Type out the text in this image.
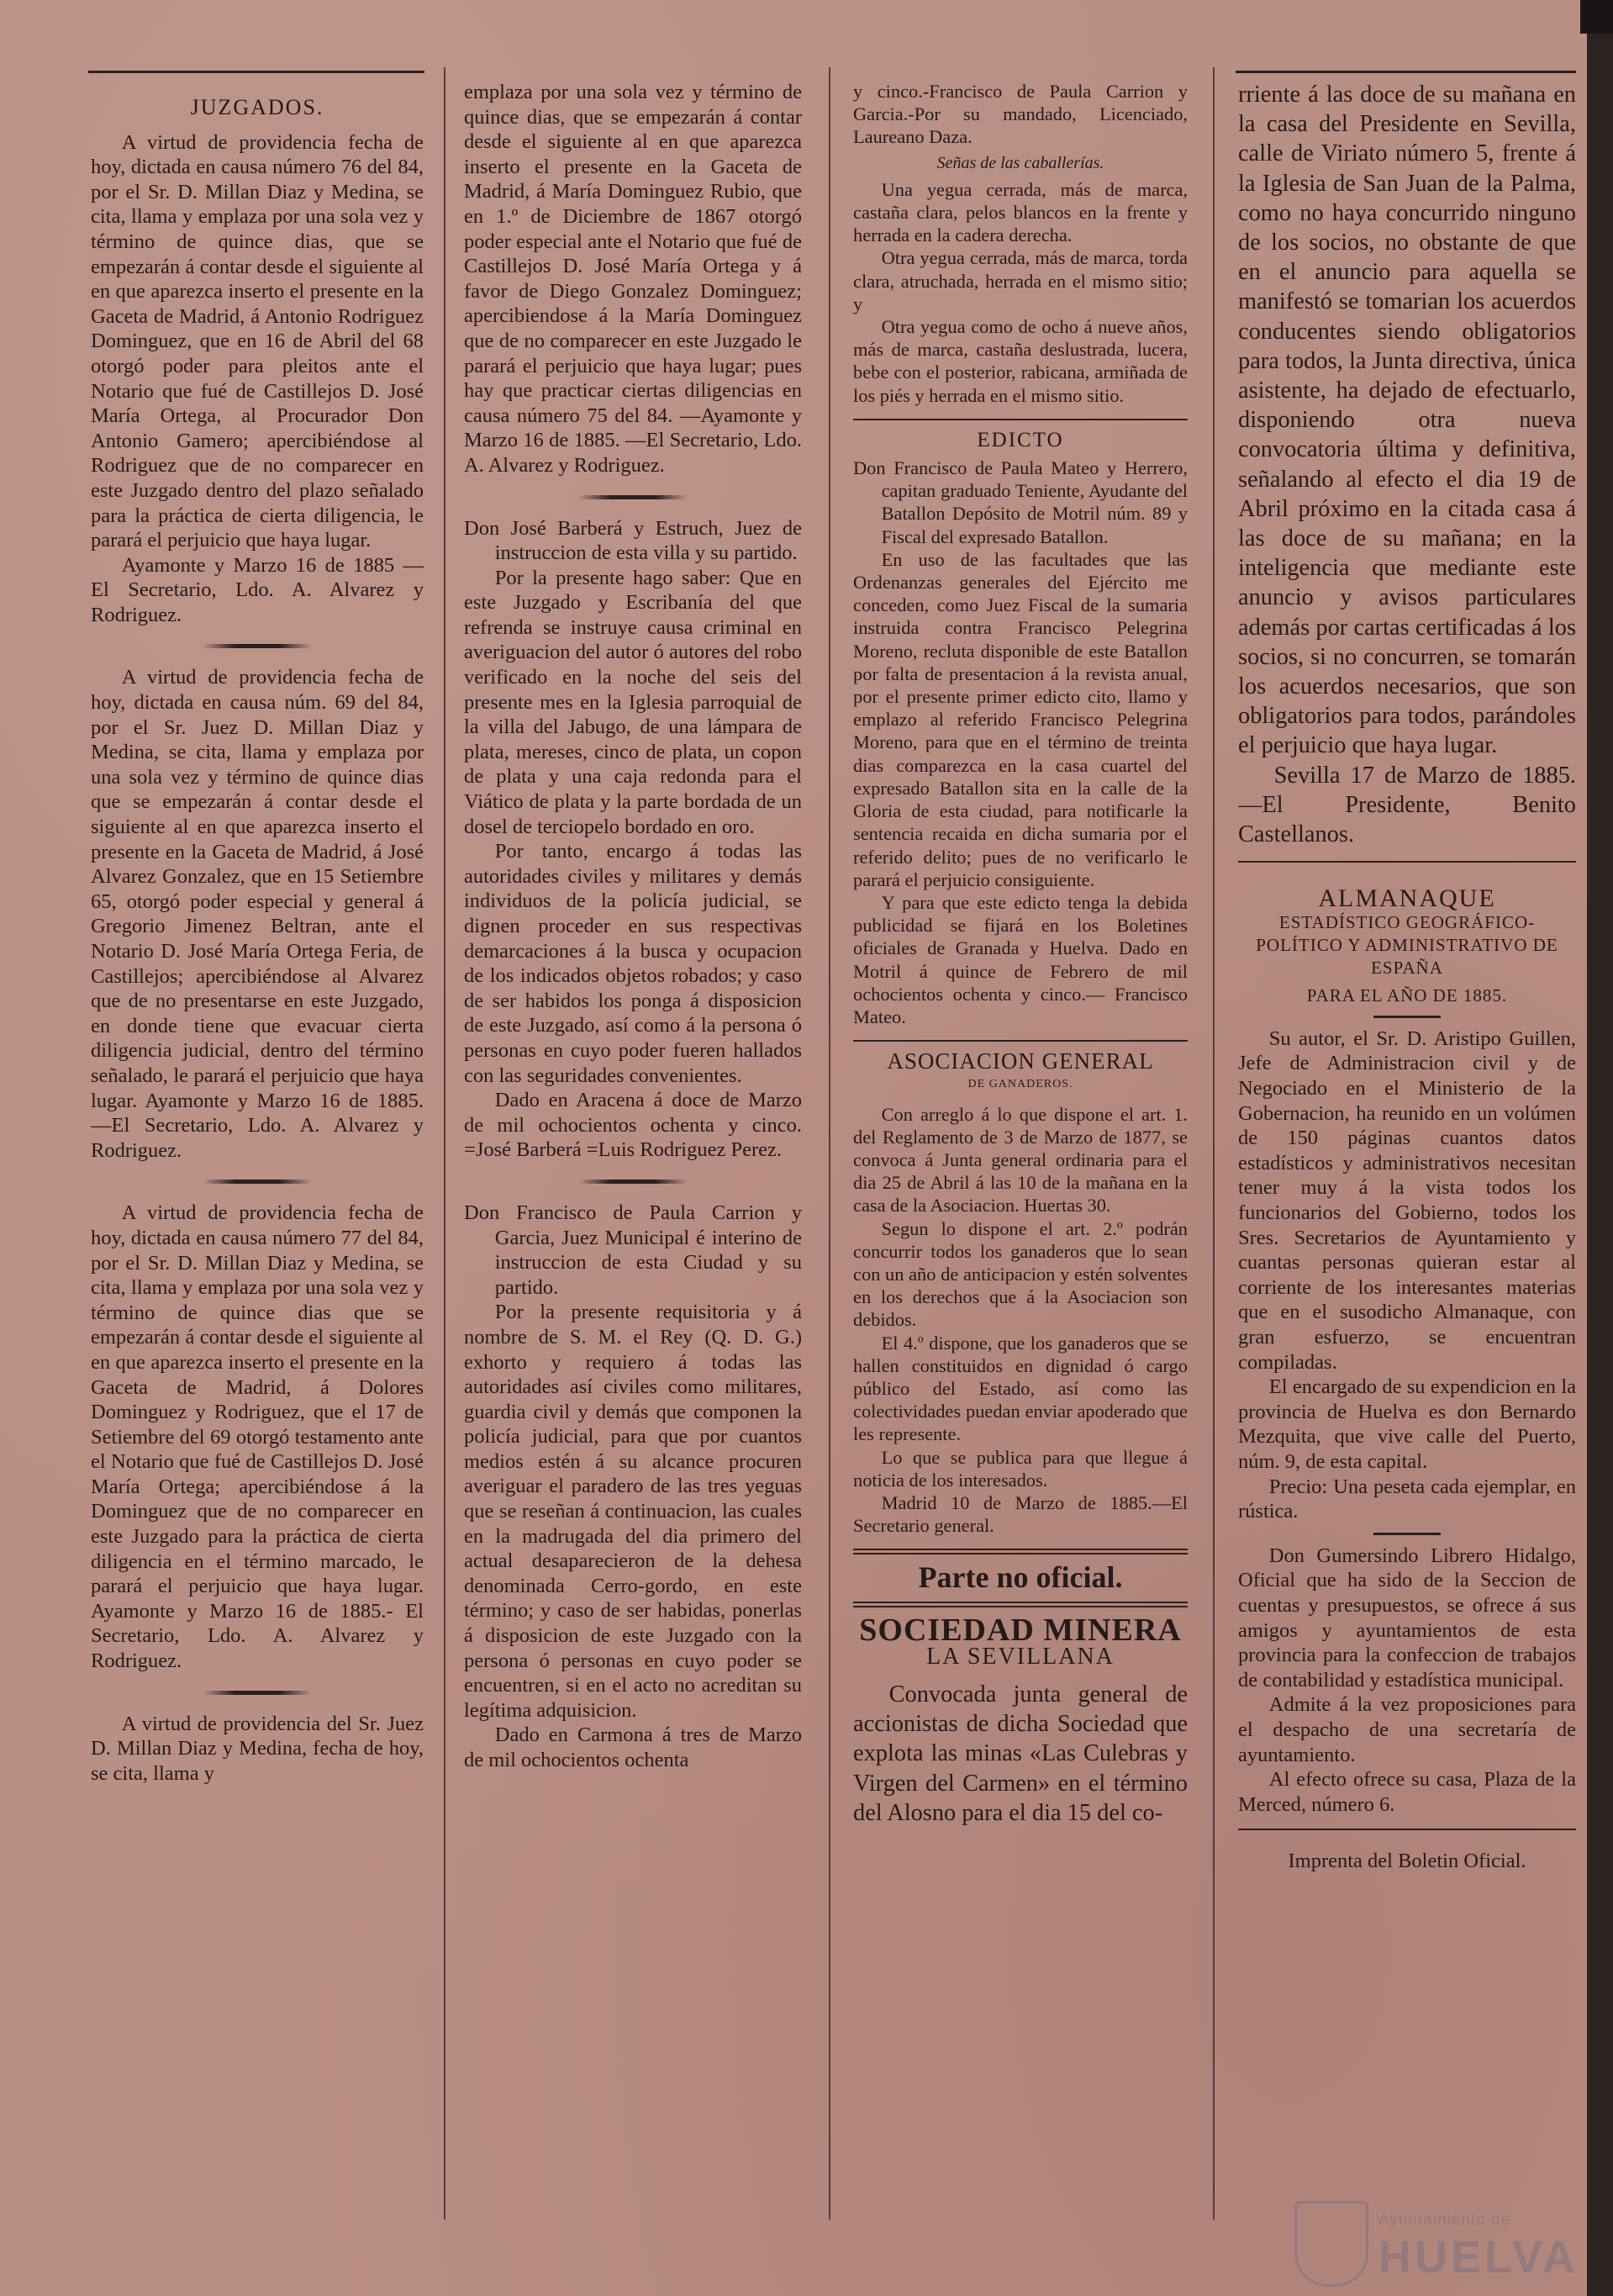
JUZGADOS.

A virtud de providencia fecha de hoy, dictada en causa número 76 del 84, por el Sr. D. Millan Diaz y Medina, se cita, llama y emplaza por una sola vez y término de quince dias, que se empezarán á contar desde el siguiente al en que aparezca inserto el presente en la Gaceta de Madrid, á Antonio Rodriguez Dominguez, que en 16 de Abril del 68 otorgó poder para pleitos ante el Notario que fué de Castillejos D. José María Ortega, al Procurador Don Antonio Gamero; apercibiéndose al Rodriguez que de no comparecer en este Juzgado dentro del plazo señalado para la práctica de cierta diligencia, le parará el perjuicio que haya lugar.

Ayamonte y Marzo 16 de 1885 — El Secretario, Ldo. A. Alvarez y Rodriguez.

A virtud de providencia fecha de hoy, dictada en causa núm. 69 del 84, por el Sr. Juez D. Millan Diaz y Medina, se cita, llama y emplaza por una sola vez y término de quince dias que se empezarán á contar desde el siguiente al en que aparezca inserto el presente en la Gaceta de Madrid, á José Alvarez Gonzalez, que en 15 Setiembre 65, otorgó poder especial y general á Gregorio Jimenez Beltran, ante el Notario D. José María Ortega Feria, de Castillejos; apercibiéndose al Alvarez que de no presentarse en este Juzgado, en donde tiene que evacuar cierta diligencia judicial, dentro del término señalado, le parará el perjuicio que haya lugar. Ayamonte y Marzo 16 de 1885. —El Secretario, Ldo. A. Alvarez y Rodriguez.

A virtud de providencia fecha de hoy, dictada en causa número 77 del 84, por el Sr. D. Millan Diaz y Medina, se cita, llama y emplaza por una sola vez y término de quince dias que se empezarán á contar desde el siguiente al en que aparezca inserto el presente en la Gaceta de Madrid, á Dolores Dominguez y Rodriguez, que el 17 de Setiembre del 69 otorgó testamento ante el Notario que fué de Castillejos D. José María Ortega; apercibiéndose á la Dominguez que de no comparecer en este Juzgado para la práctica de cierta diligencia en el término marcado, le parará el perjuicio que haya lugar. Ayamonte y Marzo 16 de 1885.- El Secretario, Ldo. A. Alvarez y Rodriguez.

A virtud de providencia del Sr. Juez D. Millan Diaz y Medina, fecha de hoy, se cita, llama y

emplaza por una sola vez y término de quince dias, que se empezarán á contar desde el siguiente al en que aparezca inserto el presente en la Gaceta de Madrid, á María Dominguez Rubio, que en 1.º de Diciembre de 1867 otorgó poder especial ante el Notario que fué de Castillejos D. José María Ortega y á favor de Diego Gonzalez Dominguez; apercibiendose á la María Dominguez que de no comparecer en este Juzgado le parará el perjuicio que haya lugar; pues hay que practicar ciertas diligencias en causa número 75 del 84. —Ayamonte y Marzo 16 de 1885. —El Secretario, Ldo. A. Alvarez y Rodriguez.

Don José Barberá y Estruch, Juez de instruccion de esta villa y su partido.

Por la presente hago saber: Que en este Juzgado y Escribanía del que refrenda se instruye causa criminal en averiguacion del autor ó autores del robo verificado en la noche del seis del presente mes en la Iglesia parroquial de la villa del Jabugo, de una lámpara de plata, mereses, cinco de plata, un copon de plata y una caja redonda para el Viático de plata y la parte bordada de un dosel de terciopelo bordado en oro.

Por tanto, encargo á todas las autoridades civiles y militares y demás individuos de la policía judicial, se dignen proceder en sus respectivas demarcaciones á la busca y ocupacion de los indicados objetos robados; y caso de ser habidos los ponga á disposicion de este Juzgado, así como á la persona ó personas en cuyo poder fueren hallados con las seguridades convenientes.

Dado en Aracena á doce de Marzo de mil ochocientos ochenta y cinco. =José Barberá =Luis Rodriguez Perez.

Don Francisco de Paula Carrion y Garcia, Juez Municipal é interino de instruccion de esta Ciudad y su partido.

Por la presente requisitoria y á nombre de S. M. el Rey (Q. D. G.) exhorto y requiero á todas las autoridades así civiles como militares, guardia civil y demás que componen la policía judicial, para que por cuantos medios estén á su alcance procuren averiguar el paradero de las tres yeguas que se reseñan á continuacion, las cuales en la madrugada del dia primero del actual desaparecieron de la dehesa denominada Cerro-gordo, en este término; y caso de ser habidas, ponerlas á disposicion de este Juzgado con la persona ó personas en cuyo poder se encuentren, si en el acto no acreditan su legítima adquisicion.

Dado en Carmona á tres de Marzo de mil ochocientos ochenta

y cinco.-Francisco de Paula Carrion y Garcia.-Por su mandado, Licenciado, Laureano Daza.

Señas de las caballerías.

Una yegua cerrada, más de marca, castaña clara, pelos blancos en la frente y herrada en la cadera derecha.

Otra yegua cerrada, más de marca, torda clara, atruchada, herrada en el mismo sitio; y

Otra yegua como de ocho á nueve años, más de marca, castaña deslustrada, lucera, bebe con el posterior, rabicana, armiñada de los piés y herrada en el mismo sitio.

EDICTO

Don Francisco de Paula Mateo y Herrero, capitan graduado Teniente, Ayudante del Batallon Depósito de Motril núm. 89 y Fiscal del expresado Batallon.

En uso de las facultades que las Ordenanzas generales del Ejército me conceden, como Juez Fiscal de la sumaria instruida contra Francisco Pelegrina Moreno, recluta disponible de este Batallon por falta de presentacion á la revista anual, por el presente primer edicto cito, llamo y emplazo al referido Francisco Pelegrina Moreno, para que en el término de treinta dias comparezca en la casa cuartel del expresado Batallon sita en la calle de la Gloria de esta ciudad, para notificarle la sentencia recaida en dicha sumaria por el referido delito; pues de no verificarlo le parará el perjuicio consiguiente.

Y para que este edicto tenga la debida publicidad se fijará en los Boletines oficiales de Granada y Huelva. Dado en Motril á quince de Febrero de mil ochocientos ochenta y cinco.— Francisco Mateo.

ASOCIACION GENERAL

DE GANADEROS.

Con arreglo á lo que dispone el art. 1. del Reglamento de 3 de Marzo de 1877, se convoca á Junta general ordinaria para el dia 25 de Abril á las 10 de la mañana en la casa de la Asociacion. Huertas 30.

Segun lo dispone el art. 2.º podrán concurrir todos los ganaderos que lo sean con un año de anticipacion y estén solventes en los derechos que á la Asociacion son debidos.

El 4.º dispone, que los ganaderos que se hallen constituidos en dignidad ó cargo público del Estado, así como las colectividades puedan enviar apoderado que les represente.

Lo que se publica para que llegue á noticia de los interesados.

Madrid 10 de Marzo de 1885.—El Secretario general.

Parte no oficial.

SOCIEDAD MINERA

LA SEVILLANA

Convocada junta general de accionistas de dicha Sociedad que explota las minas «Las Culebras y Virgen del Carmen» en el término del Alosno para el dia 15 del co-

rriente á las doce de su mañana en la casa del Presidente en Sevilla, calle de Viriato número 5, frente á la Iglesia de San Juan de la Palma, como no haya concurrido ninguno de los socios, no obstante de que en el anuncio para aquella se manifestó se tomarian los acuerdos conducentes siendo obligatorios para todos, la Junta directiva, única asistente, ha dejado de efectuarlo, disponiendo otra nueva convocatoria última y definitiva, señalando al efecto el dia 19 de Abril próximo en la citada casa á las doce de su mañana; en la inteligencia que mediante este anuncio y avisos particulares además por cartas certificadas á los socios, si no concurren, se tomarán los acuerdos necesarios, que son obligatorios para todos, parándoles el perjuicio que haya lugar.

Sevilla 17 de Marzo de 1885.—El Presidente, Benito Castellanos.

ALMANAQUE

ESTADÍSTICO GEOGRÁFICO-POLÍTICO Y ADMINISTRATIVO DE ESPAÑA

PARA EL AÑO DE 1885.

Su autor, el Sr. D. Aristipo Guillen, Jefe de Administracion civil y de Negociado en el Ministerio de la Gobernacion, ha reunido en un volúmen de 150 páginas cuantos datos estadísticos y administrativos necesitan tener muy á la vista todos los funcionarios del Gobierno, todos los Sres. Secretarios de Ayuntamiento y cuantas personas quieran estar al corriente de los interesantes materias que en el susodicho Almanaque, con gran esfuerzo, se encuentran compiladas.

El encargado de su expendicion en la provincia de Huelva es don Bernardo Mezquita, que vive calle del Puerto, núm. 9, de esta capital.

Precio: Una peseta cada ejemplar, en rústica.

Don Gumersindo Librero Hidalgo, Oficial que ha sido de la Seccion de cuentas y presupuestos, se ofrece á sus amigos y ayuntamientos de esta provincia para la confeccion de trabajos de contabilidad y estadística municipal.

Admite á la vez proposiciones para el despacho de una secretaría de ayuntamiento.

Al efecto ofrece su casa, Plaza de la Merced, número 6.

Imprenta del Boletin Oficial.

Ayuntamiento de
HUELVA
